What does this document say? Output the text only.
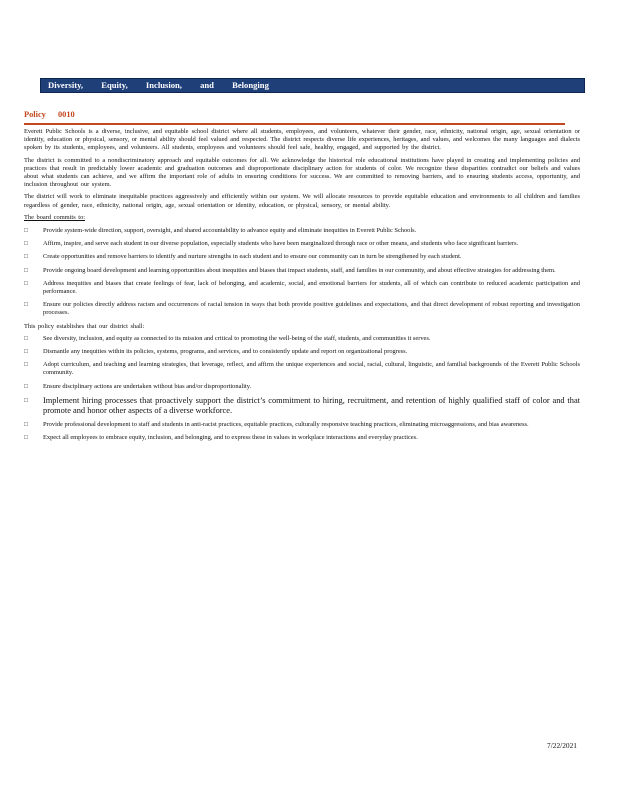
Diversity, Equity, Inclusion, and Belonging
Policy 0010

Everett Public Schools is a diverse, inclusive, and equitable school district where all students, employees, and volunteers, whatever their gender, race, ethnicity, national origin, age, sexual orientation or identity, education or physical, sensory, or mental ability should feel valued and respected. The district respects diverse life experiences, heritages, and values, and welcomes the many languages and dialects spoken by its students, employees, and volunteers. All students, employees and volunteers should feel safe, healthy, engaged, and supported by the district.

The district is committed to a nondiscriminatory approach and equitable outcomes for all. We acknowledge the historical role educational institutions have played in creating and implementing policies and practices that result in predictably lower academic and graduation outcomes and disproportionate disciplinary action for students of color. We recognize these disparities contradict our beliefs and values about what students can achieve, and we affirm the important role of adults in ensuring conditions for success. We are committed to removing barriers, and to ensuring students access, opportunity, and inclusion throughout our system.

The district will work to eliminate inequitable practices aggressively and efficiently within our system. We will allocate resources to provide equitable education and environments to all children and families regardless of gender, race, ethnicity, national origin, age, sexual orientation or identity, education, or physical, sensory, or mental ability.

The board commits to:

□ Provide system-wide direction, support, oversight, and shared accountability to advance equity and eliminate inequities in Everett Public Schools.
□ Affirm, inspire, and serve each student in our diverse population, especially students who have been marginalized through race or other means, and students who face significant barriers.
□ Create opportunities and remove barriers to identify and nurture strengths in each student and to ensure our community can in turn be strengthened by each student.
□ Provide ongoing board development and learning opportunities about inequities and biases that impact students, staff, and families in our community, and about effective strategies for addressing them.
□ Address inequities and biases that create feelings of fear, lack of belonging, and academic, social, and emotional barriers for students, all of which can contribute to reduced academic participation and performance.
□ Ensure our policies directly address racism and occurrences of racial tension in ways that both provide positive guidelines and expectations, and that direct development of robust reporting and investigation processes.

This policy establishes that our district shall:

□ See diversity, inclusion, and equity as connected to its mission and critical to promoting the well-being of the staff, students, and communities it serves.
□ Dismantle any inequities within its policies, systems, programs, and services, and to consistently update and report on organizational progress.
□ Adopt curriculum, and teaching and learning strategies, that leverage, reflect, and affirm the unique experiences and social, racial, cultural, linguistic, and familial backgrounds of the Everett Public Schools community.
□ Ensure disciplinary actions are undertaken without bias and/or disproportionality.
□ Implement hiring processes that proactively support the district’s commitment to hiring, recruitment, and retention of highly qualified staff of color and that promote and honor other aspects of a diverse workforce.
□ Provide professional development to staff and students in anti-racist practices, equitable practices, culturally responsive teaching practices, eliminating microaggressions, and bias awareness.
□ Expect all employees to embrace equity, inclusion, and belonging, and to express these in values in workplace interactions and everyday practices.
7/22/2021
